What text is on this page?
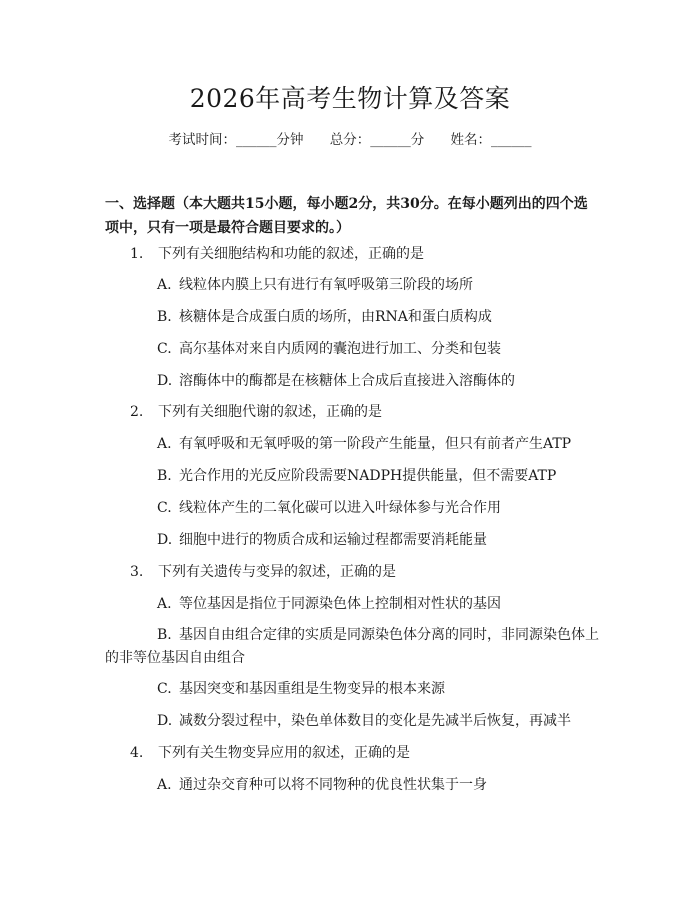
2026年高考生物计算及答案
考试时间：______分钟 总分：______分 姓名：______
一、选择题（本大题共15小题，每小题2分，共30分。在每小题列出的四个选项中，只有一项是最符合题目要求的。）
1. 下列有关细胞结构和功能的叙述，正确的是
A. 线粒体内膜上只有进行有氧呼吸第三阶段的场所
B. 核糖体是合成蛋白质的场所，由RNA和蛋白质构成
C. 高尔基体对来自内质网的囊泡进行加工、分类和包装
D. 溶酶体中的酶都是在核糖体上合成后直接进入溶酶体的
2. 下列有关细胞代谢的叙述，正确的是
A. 有氧呼吸和无氧呼吸的第一阶段产生能量，但只有前者产生ATP
B. 光合作用的光反应阶段需要NADPH提供能量，但不需要ATP
C. 线粒体产生的二氧化碳可以进入叶绿体参与光合作用
D. 细胞中进行的物质合成和运输过程都需要消耗能量
3. 下列有关遗传与变异的叙述，正确的是
A. 等位基因是指位于同源染色体上控制相对性状的基因
B. 基因自由组合定律的实质是同源染色体分离的同时，非同源染色体上的非等位基因自由组合
C. 基因突变和基因重组是生物变异的根本来源
D. 减数分裂过程中，染色单体数目的变化是先减半后恢复，再减半
4. 下列有关生物变异应用的叙述，正确的是
A. 通过杂交育种可以将不同物种的优良性状集于一身
